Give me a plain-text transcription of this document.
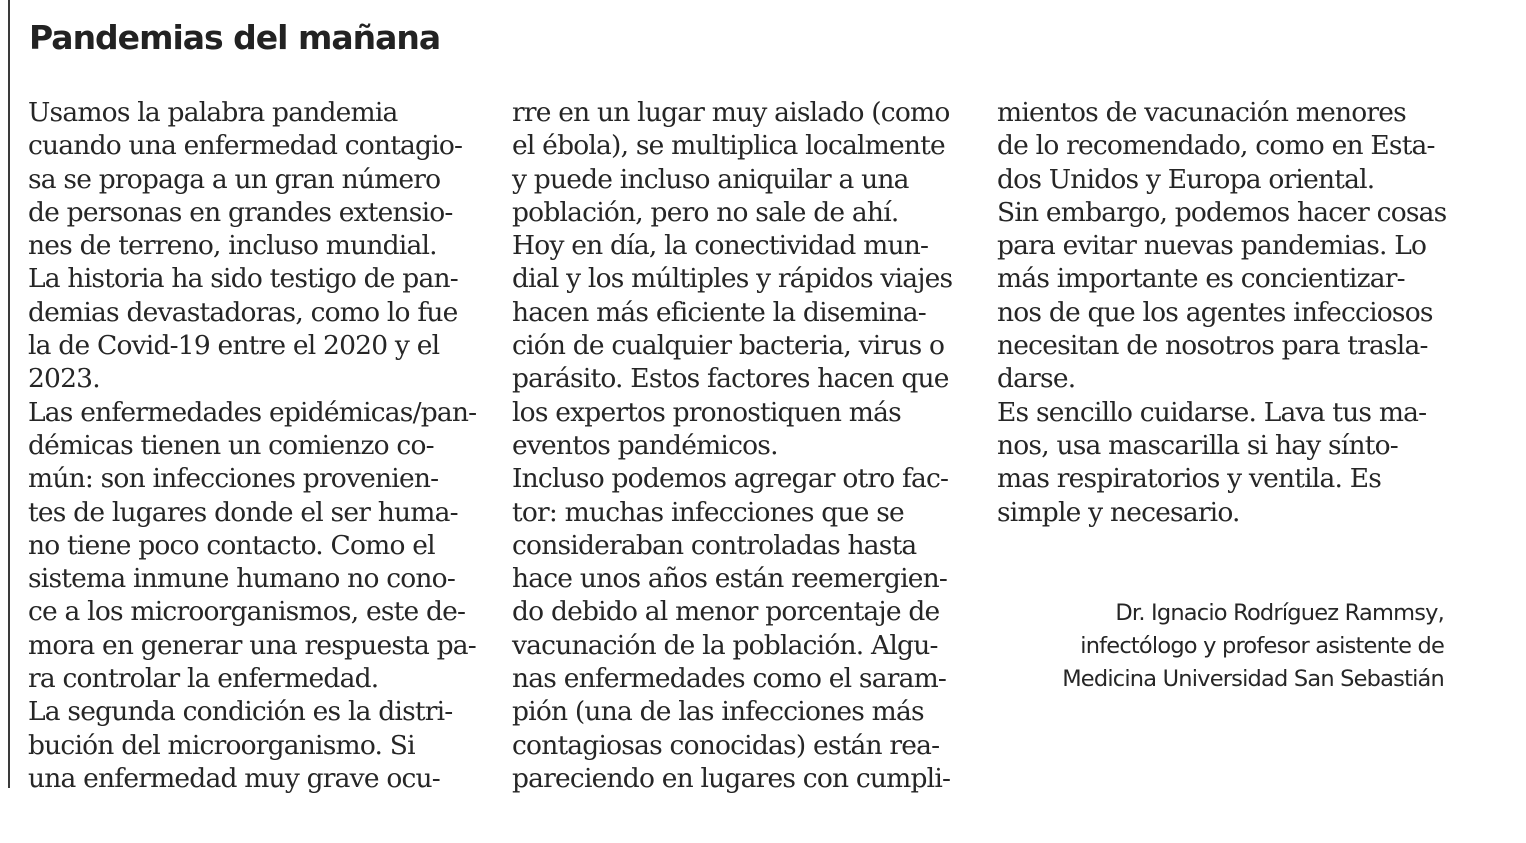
Pandemias del mañana
Usamos la palabra pandemia
cuando una enfermedad contagio-
sa se propaga a un gran número
de personas en grandes extensio-
nes de terreno, incluso mundial.
La historia ha sido testigo de pan-
demias devastadoras, como lo fue
la de Covid-19 entre el 2020 y el
2023.
Las enfermedades epidémicas/pan-
démicas tienen un comienzo co-
mún: son infecciones provenien-
tes de lugares donde el ser huma-
no tiene poco contacto. Como el
sistema inmune humano no cono-
ce a los microorganismos, este de-
mora en generar una respuesta pa-
ra controlar la enfermedad.
La segunda condición es la distri-
bución del microorganismo. Si
una enfermedad muy grave ocu-
rre en un lugar muy aislado (como
el ébola), se multiplica localmente
y puede incluso aniquilar a una
población, pero no sale de ahí.
Hoy en día, la conectividad mun-
dial y los múltiples y rápidos viajes
hacen más eficiente la disemina-
ción de cualquier bacteria, virus o
parásito. Estos factores hacen que
los expertos pronostiquen más
eventos pandémicos.
Incluso podemos agregar otro fac-
tor: muchas infecciones que se
consideraban controladas hasta
hace unos años están reemergien-
do debido al menor porcentaje de
vacunación de la población. Algu-
nas enfermedades como el saram-
pión (una de las infecciones más
contagiosas conocidas) están rea-
pareciendo en lugares con cumpli-
mientos de vacunación menores
de lo recomendado, como en Esta-
dos Unidos y Europa oriental.
Sin embargo, podemos hacer cosas
para evitar nuevas pandemias. Lo
más importante es concientizar-
nos de que los agentes infecciosos
necesitan de nosotros para trasla-
darse.
Es sencillo cuidarse. Lava tus ma-
nos, usa mascarilla si hay sínto-
mas respiratorios y ventila. Es
simple y necesario.
Dr. Ignacio Rodríguez Rammsy,
infectólogo y profesor asistente de
Medicina Universidad San Sebastián
